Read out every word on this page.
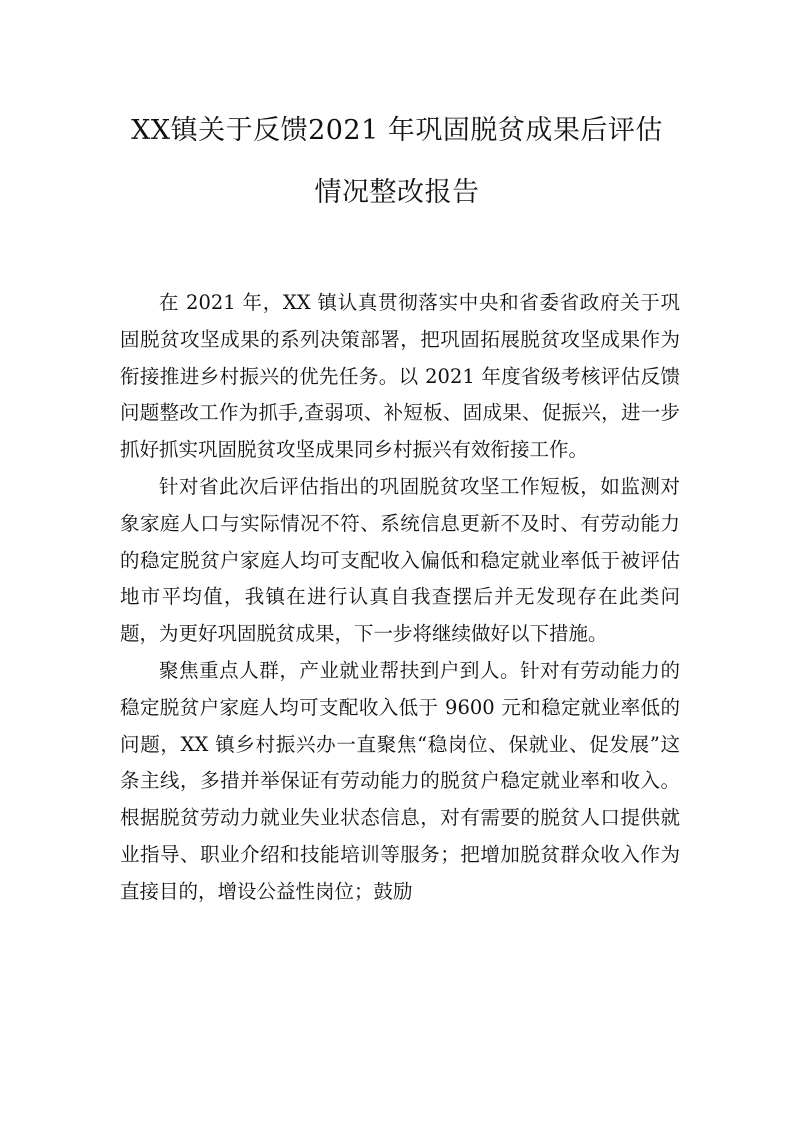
XX镇关于反馈2021 年巩固脱贫成果后评估
情况整改报告

在 2021 年，XX 镇认真贯彻落实中央和省委省政府关于巩固脱贫攻坚成果的系列决策部署，把巩固拓展脱贫攻坚成果作为衔接推进乡村振兴的优先任务。以 2021 年度省级考核评估反馈问题整改工作为抓手,查弱项、补短板、固成果、促振兴，进一步抓好抓实巩固脱贫攻坚成果同乡村振兴有效衔接工作。

针对省此次后评估指出的巩固脱贫攻坚工作短板，如监测对象家庭人口与实际情况不符、系统信息更新不及时、有劳动能力的稳定脱贫户家庭人均可支配收入偏低和稳定就业率低于被评估地市平均值，我镇在进行认真自我查摆后并无发现存在此类问题，为更好巩固脱贫成果，下一步将继续做好以下措施。

聚焦重点人群，产业就业帮扶到户到人。针对有劳动能力的稳定脱贫户家庭人均可支配收入低于 9600 元和稳定就业率低的问题，XX 镇乡村振兴办一直聚焦“稳岗位、保就业、促发展”这条主线，多措并举保证有劳动能力的脱贫户稳定就业率和收入。根据脱贫劳动力就业失业状态信息，对有需要的脱贫人口提供就业指导、职业介绍和技能培训等服务；把增加脱贫群众收入作为直接目的，增设公益性岗位；鼓励
